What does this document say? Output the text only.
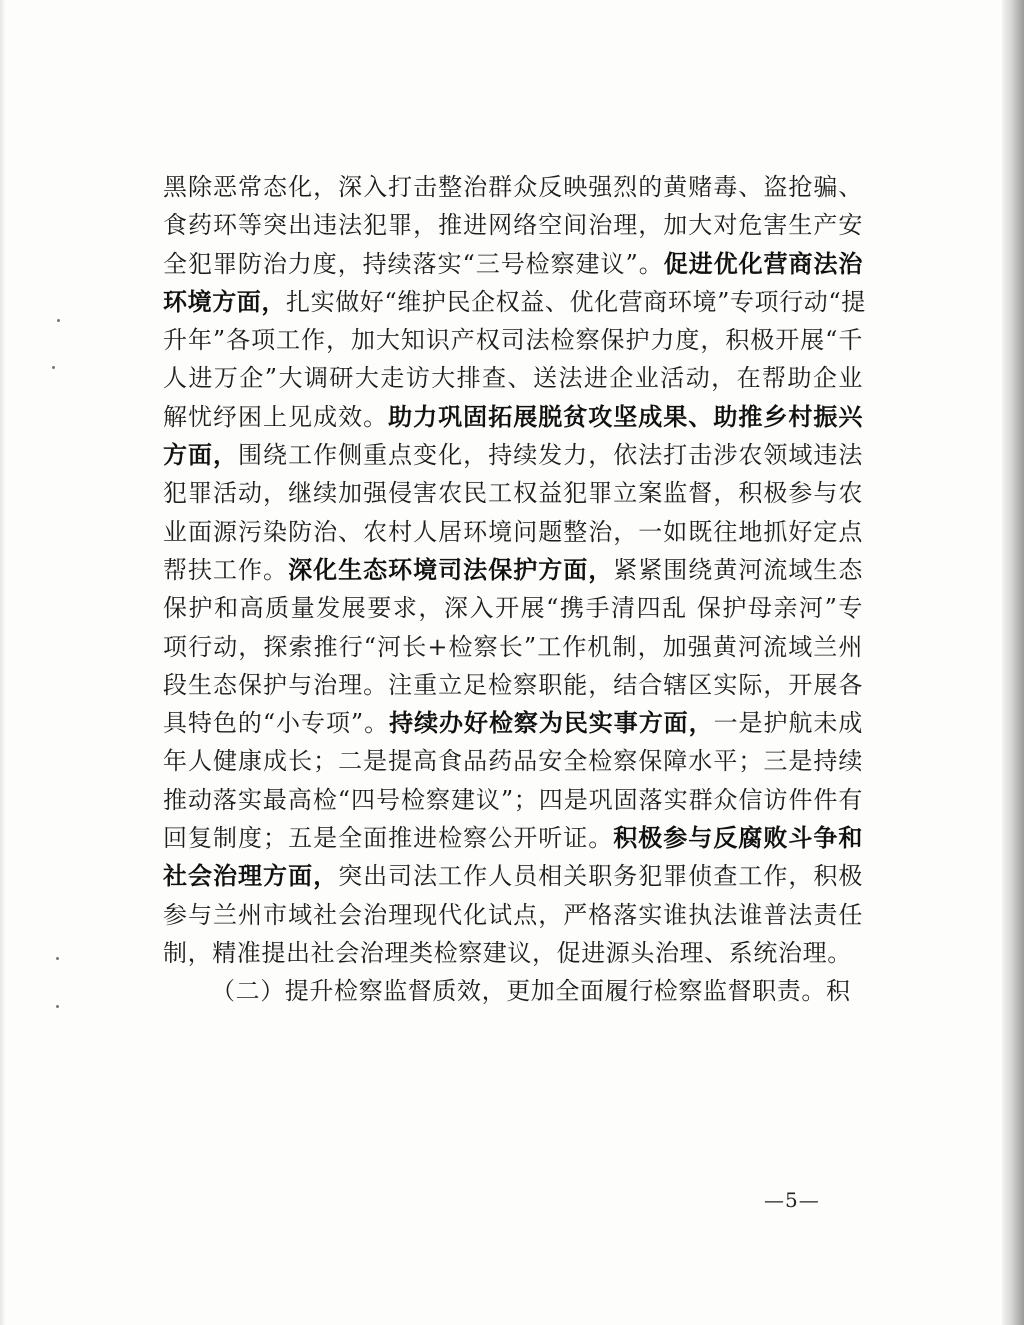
黑除恶常态化，深入打击整治群众反映强烈的黄赌毒、盗抢骗、
食药环等突出违法犯罪，推进网络空间治理，加大对危害生产安
全犯罪防治力度，持续落实“三号检察建议”。促进优化营商法治
环境方面，扎实做好“维护民企权益、优化营商环境”专项行动“提
升年”各项工作，加大知识产权司法检察保护力度，积极开展“千
人进万企”大调研大走访大排查、送法进企业活动，在帮助企业
解忧纾困上见成效。助力巩固拓展脱贫攻坚成果、助推乡村振兴
方面，围绕工作侧重点变化，持续发力，依法打击涉农领域违法
犯罪活动，继续加强侵害农民工权益犯罪立案监督，积极参与农
业面源污染防治、农村人居环境问题整治，一如既往地抓好定点
帮扶工作。深化生态环境司法保护方面，紧紧围绕黄河流域生态
保护和高质量发展要求，深入开展“携手清四乱 保护母亲河”专
项行动，探索推行“河长+检察长”工作机制，加强黄河流域兰州
段生态保护与治理。注重立足检察职能，结合辖区实际，开展各
具特色的“小专项”。持续办好检察为民实事方面，一是护航未成
年人健康成长；二是提高食品药品安全检察保障水平；三是持续
推动落实最高检“四号检察建议”；四是巩固落实群众信访件件有
回复制度；五是全面推进检察公开听证。积极参与反腐败斗争和
社会治理方面，突出司法工作人员相关职务犯罪侦查工作，积极
参与兰州市域社会治理现代化试点，严格落实谁执法谁普法责任
制，精准提出社会治理类检察建议，促进源头治理、系统治理。
（二）提升检察监督质效，更加全面履行检察监督职责。积
—5—
